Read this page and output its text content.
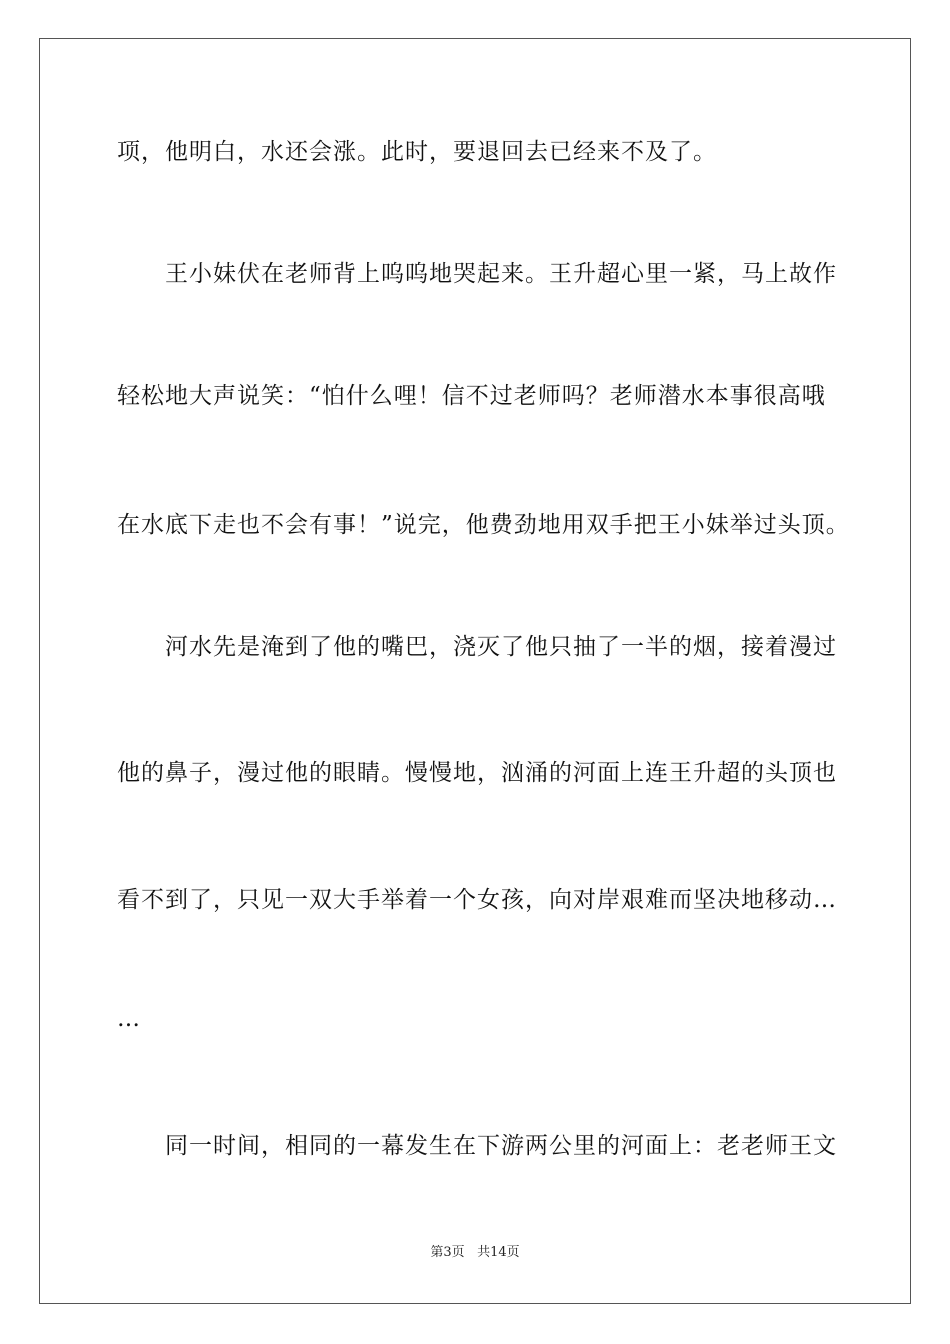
项，他明白，水还会涨。此时，要退回去已经来不及了。
王小妹伏在老师背上呜呜地哭起来。王升超心里一紧，马上故作
轻松地大声说笑：“怕什么哩！信不过老师吗？老师潜水本事很高哦
在水底下走也不会有事！”说完，他费劲地用双手把王小妹举过头顶。
河水先是淹到了他的嘴巴，浇灭了他只抽了一半的烟，接着漫过
他的鼻子，漫过他的眼睛。慢慢地，汹涌的河面上连王升超的头顶也
看不到了，只见一双大手举着一个女孩，向对岸艰难而坚决地移动…
…
同一时间，相同的一幕发生在下游两公里的河面上：老老师王文
第3页 共14页
